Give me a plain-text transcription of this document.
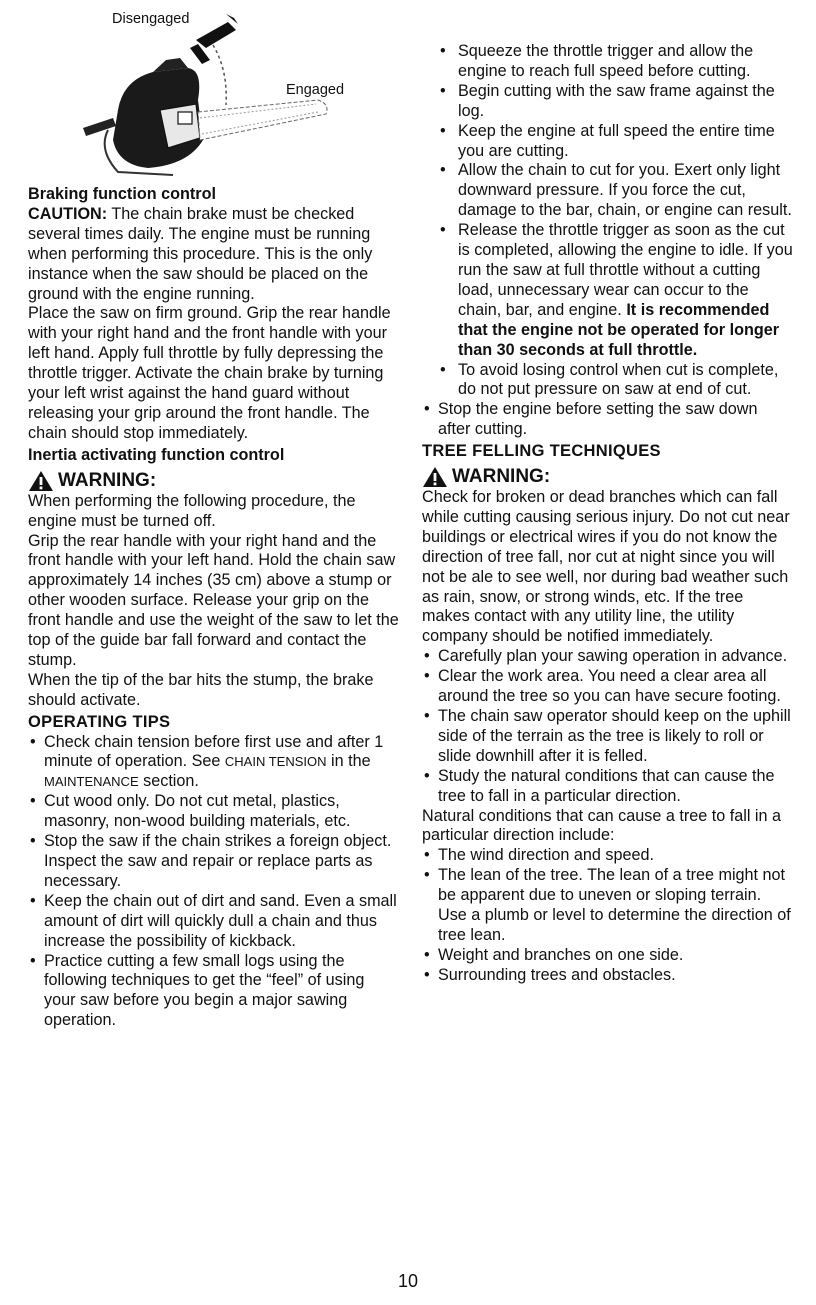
Disengaged
Engaged
Braking function control

CAUTION: The chain brake must be checked several times daily. The engine must be running when performing this procedure. This is the only instance when the saw should be placed on the ground with the engine running.

Place the saw on firm ground. Grip the rear handle with your right hand and the front handle with your left hand. Apply full throttle by fully depressing the throttle trigger. Activate the chain brake by turning your left wrist against the hand guard without releasing your grip around the front handle. The chain should stop immediately.

Inertia activating function control
WARNING:

When performing the following procedure, the engine must be turned off.

Grip the rear handle with your right hand and the front handle with your left hand. Hold the chain saw approximately 14 inches (35 cm) above a stump or other wooden surface. Release your grip on the front handle and use the weight of the saw to let the top of the guide bar fall forward and contact the stump.

When the tip of the bar hits the stump, the brake should activate.

OPERATING TIPS
• Check chain tension before first use and after 1 minute of operation. See CHAIN TENSION in the MAINTENANCE section.
• Cut wood only. Do not cut metal, plastics, masonry, non-wood building materials, etc.
• Stop the saw if the chain strikes a foreign object. Inspect the saw and repair or replace parts as necessary.
• Keep the chain out of dirt and sand. Even a small amount of dirt will quickly dull a chain and thus increase the possibility of kickback.
• Practice cutting a few small logs using the following techniques to get the “feel” of using your saw before you begin a major sawing operation.
• Squeeze the throttle trigger and allow the engine to reach full speed before cutting.
• Begin cutting with the saw frame against the log.
• Keep the engine at full speed the entire time you are cutting.
• Allow the chain to cut for you. Exert only light downward pressure. If you force the cut, damage to the bar, chain, or engine can result.
• Release the throttle trigger as soon as the cut is completed, allowing the engine to idle. If you run the saw at full throttle without a cutting load, unnecessary wear can occur to the chain, bar, and engine. It is recommended that the engine not be operated for longer than 30 seconds at full throttle.
• To avoid losing control when cut is complete, do not put pressure on saw at end of cut.
• Stop the engine before setting the saw down after cutting.
TREE FELLING TECHNIQUES
WARNING:

Check for broken or dead branches which can fall while cutting causing serious injury. Do not cut near buildings or electrical wires if you do not know the direction of tree fall, nor cut at night since you will not be ale to see well, nor during bad weather such as rain, snow, or strong winds, etc. If the tree makes contact with any utility line, the utility company should be notified immediately.

• Carefully plan your sawing operation in advance.
• Clear the work area. You need a clear area all around the tree so you can have secure footing.
• The chain saw operator should keep on the uphill side of the terrain as the tree is likely to roll or slide downhill after it is felled.
• Study the natural conditions that can cause the tree to fall in a particular direction.

Natural conditions that can cause a tree to fall in a particular direction include:

• The wind direction and speed.
• The lean of the tree. The lean of a tree might not be apparent due to uneven or sloping terrain. Use a plumb or level to determine the direction of tree lean.
• Weight and branches on one side.
• Surrounding trees and obstacles.
10
